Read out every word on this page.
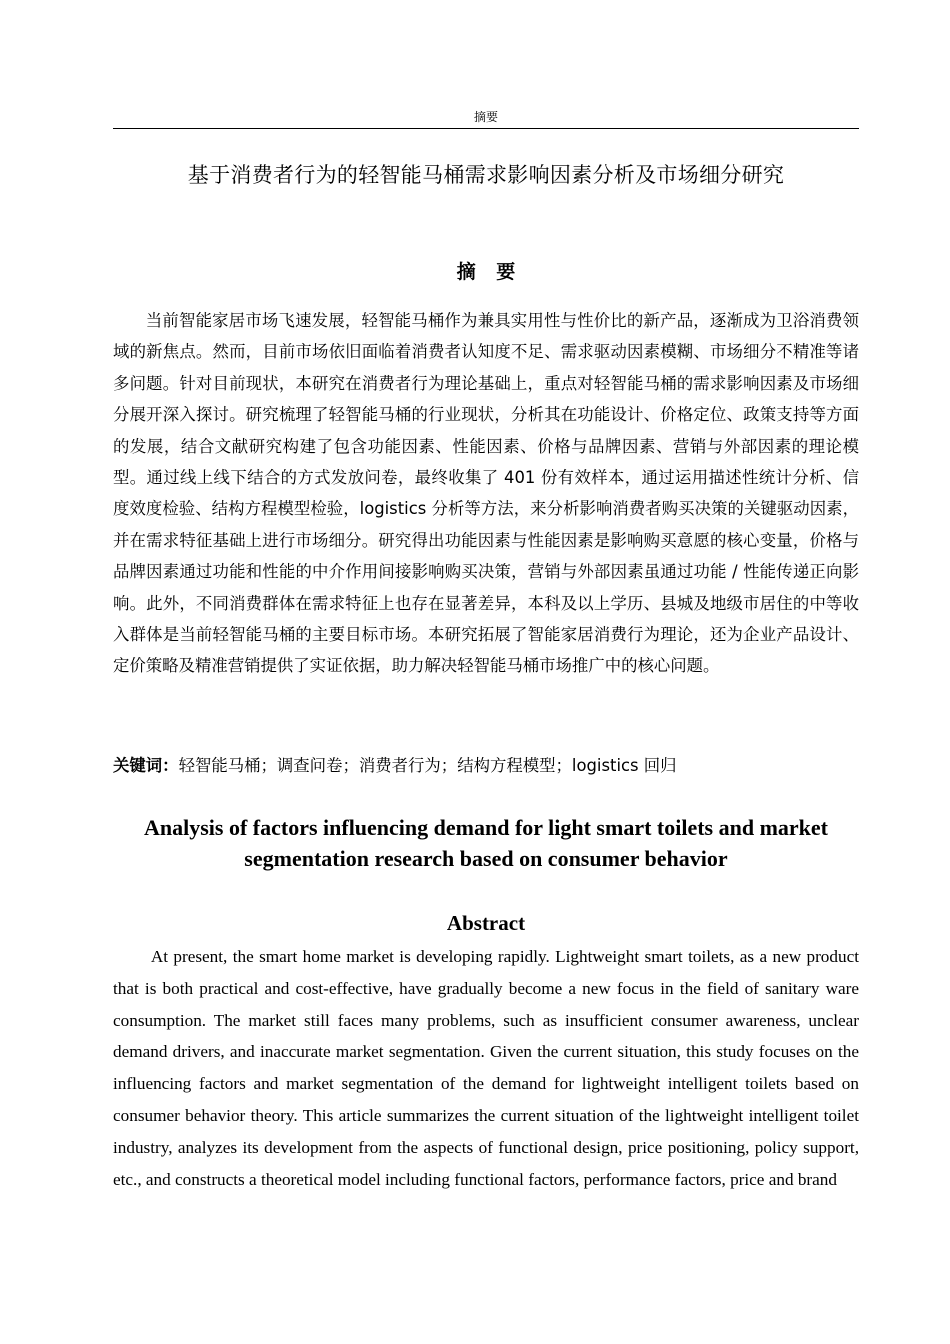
摘要
基于消费者行为的轻智能马桶需求影响因素分析及市场细分研究
摘 要

当前智能家居市场飞速发展，轻智能马桶作为兼具实用性与性价比的新产品，逐渐成为卫浴消费领域的新焦点。然而，目前市场依旧面临着消费者认知度不足、需求驱动因素模糊、市场细分不精准等诸多问题。针对目前现状，本研究在消费者行为理论基础上，重点对轻智能马桶的需求影响因素及市场细分展开深入探讨。研究梳理了轻智能马桶的行业现状，分析其在功能设计、价格定位、政策支持等方面的发展，结合文献研究构建了包含功能因素、性能因素、价格与品牌因素、营销与外部因素的理论模型。通过线上线下结合的方式发放问卷，最终收集了 401 份有效样本，通过运用描述性统计分析、信度效度检验、结构方程模型检验，logistics 分析等方法，来分析影响消费者购买决策的关键驱动因素，并在需求特征基础上进行市场细分。研究得出功能因素与性能因素是影响购买意愿的核心变量，价格与品牌因素通过功能和性能的中介作用间接影响购买决策，营销与外部因素虽通过功能 / 性能传递正向影响。此外，不同消费群体在需求特征上也存在显著差异，本科及以上学历、县城及地级市居住的中等收入群体是当前轻智能马桶的主要目标市场。本研究拓展了智能家居消费行为理论，还为企业产品设计、定价策略及精准营销提供了实证依据，助力解决轻智能马桶市场推广中的核心问题。

关键词：轻智能马桶；调查问卷；消费者行为；结构方程模型；logistics 回归
Analysis of factors influencing demand for light smart toilets and market segmentation research based on consumer behavior
Abstract

At present, the smart home market is developing rapidly. Lightweight smart toilets, as a new product that is both practical and cost-effective, have gradually become a new focus in the field of sanitary ware consumption. The market still faces many problems, such as insufficient consumer awareness, unclear demand drivers, and inaccurate market segmentation. Given the current situation, this study focuses on the influencing factors and market segmentation of the demand for lightweight intelligent toilets based on consumer behavior theory. This article summarizes the current situation of the lightweight intelligent toilet industry, analyzes its development from the aspects of functional design, price positioning, policy support, etc., and constructs a theoretical model including functional factors, performance factors, price and brand
